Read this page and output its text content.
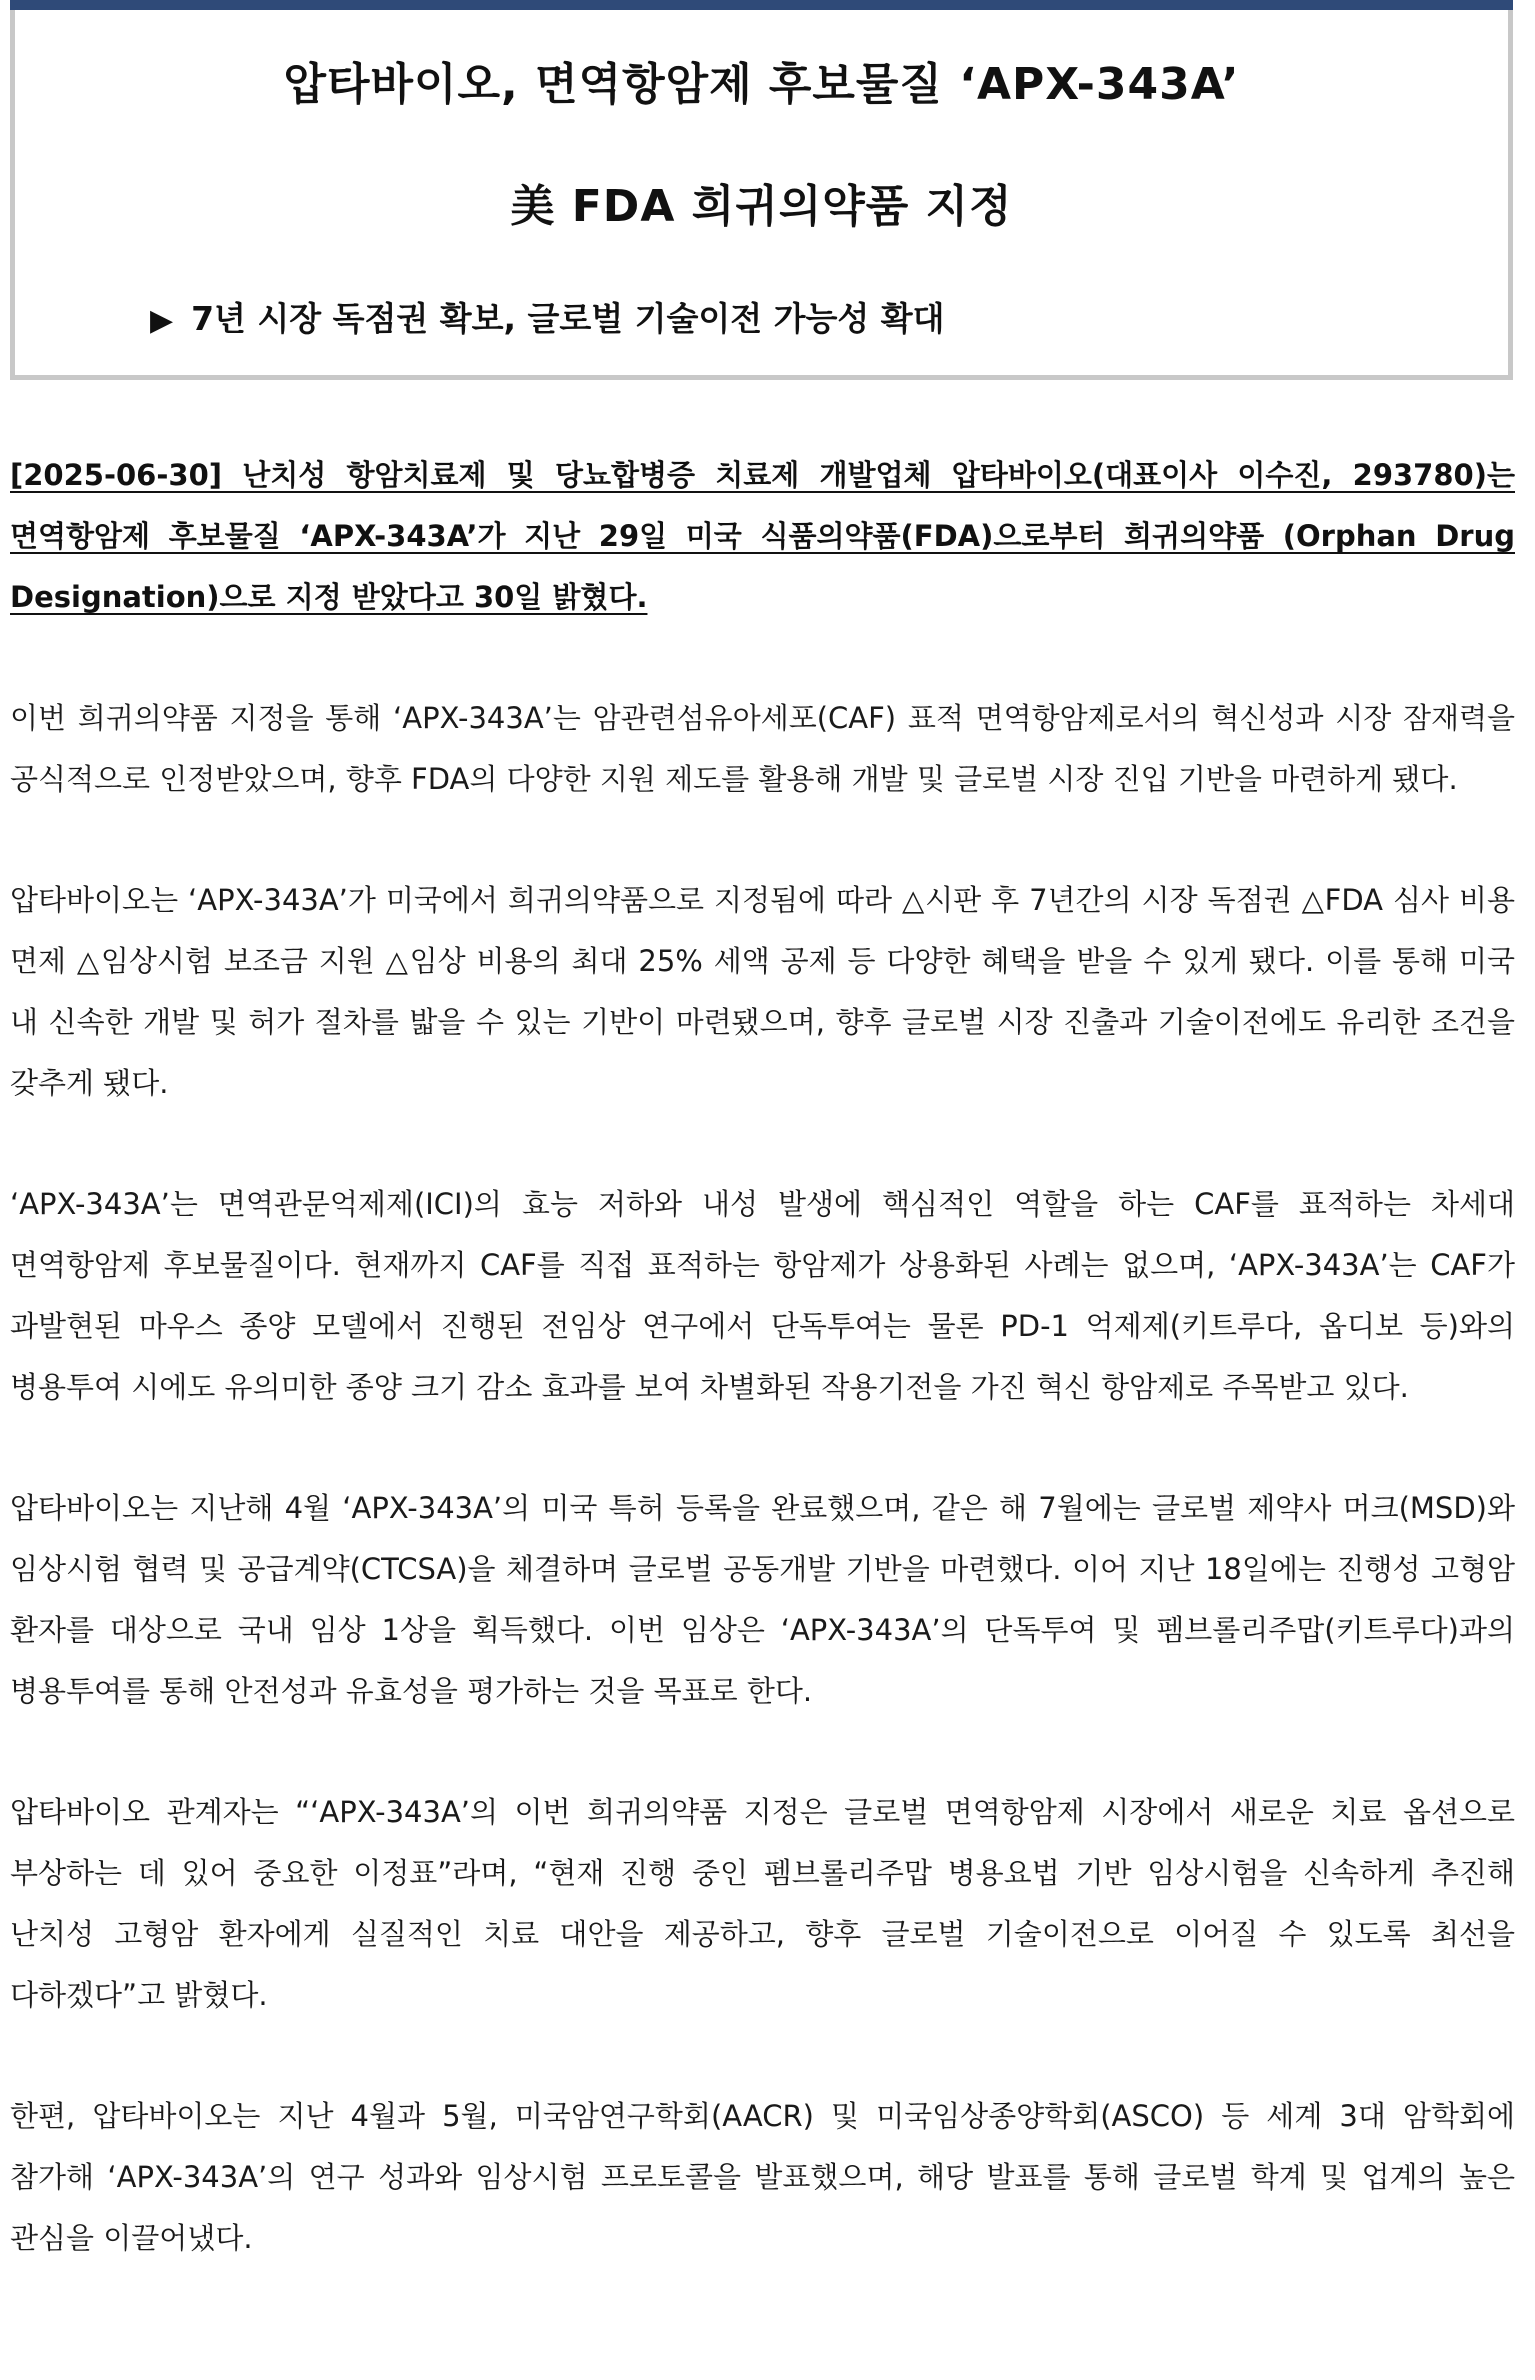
압타바이오, 면역항암제 후보물질 ‘APX-343A’
美 FDA 희귀의약품 지정
▶ 7년 시장 독점권 확보, 글로벌 기술이전 가능성 확대

[2025-06-30] 난치성 항암치료제 및 당뇨합병증 치료제 개발업체 압타바이오(대표이사 이수진, 293780)는 면역항암제 후보물질 ‘APX-343A’가 지난 29일 미국 식품의약품(FDA)으로부터 희귀의약품 (Orphan Drug Designation)으로 지정 받았다고 30일 밝혔다.

이번 희귀의약품 지정을 통해 ‘APX-343A’는 암관련섬유아세포(CAF) 표적 면역항암제로서의 혁신성과 시장 잠재력을 공식적으로 인정받았으며, 향후 FDA의 다양한 지원 제도를 활용해 개발 및 글로벌 시장 진입 기반을 마련하게 됐다.

압타바이오는 ‘APX-343A’가 미국에서 희귀의약품으로 지정됨에 따라 △시판 후 7년간의 시장 독점권 △FDA 심사 비용 면제 △임상시험 보조금 지원 △임상 비용의 최대 25% 세액 공제 등 다양한 혜택을 받을 수 있게 됐다. 이를 통해 미국 내 신속한 개발 및 허가 절차를 밟을 수 있는 기반이 마련됐으며, 향후 글로벌 시장 진출과 기술이전에도 유리한 조건을 갖추게 됐다.

‘APX-343A’는 면역관문억제제(ICI)의 효능 저하와 내성 발생에 핵심적인 역할을 하는 CAF를 표적하는 차세대 면역항암제 후보물질이다. 현재까지 CAF를 직접 표적하는 항암제가 상용화된 사례는 없으며, ‘APX-343A’는 CAF가 과발현된 마우스 종양 모델에서 진행된 전임상 연구에서 단독투여는 물론 PD-1 억제제(키트루다, 옵디보 등)와의 병용투여 시에도 유의미한 종양 크기 감소 효과를 보여 차별화된 작용기전을 가진 혁신 항암제로 주목받고 있다.

압타바이오는 지난해 4월 ‘APX-343A’의 미국 특허 등록을 완료했으며, 같은 해 7월에는 글로벌 제약사 머크(MSD)와 임상시험 협력 및 공급계약(CTCSA)을 체결하며 글로벌 공동개발 기반을 마련했다. 이어 지난 18일에는 진행성 고형암 환자를 대상으로 국내 임상 1상을 획득했다. 이번 임상은 ‘APX-343A’의 단독투여 및 펨브롤리주맙(키트루다)과의 병용투여를 통해 안전성과 유효성을 평가하는 것을 목표로 한다.

압타바이오 관계자는 “‘APX-343A’의 이번 희귀의약품 지정은 글로벌 면역항암제 시장에서 새로운 치료 옵션으로 부상하는 데 있어 중요한 이정표”라며, “현재 진행 중인 펨브롤리주맙 병용요법 기반 임상시험을 신속하게 추진해 난치성 고형암 환자에게 실질적인 치료 대안을 제공하고, 향후 글로벌 기술이전으로 이어질 수 있도록 최선을 다하겠다”고 밝혔다.

한편, 압타바이오는 지난 4월과 5월, 미국암연구학회(AACR) 및 미국임상종양학회(ASCO) 등 세계 3대 암학회에 참가해 ‘APX-343A’의 연구 성과와 임상시험 프로토콜을 발표했으며, 해당 발표를 통해 글로벌 학계 및 업계의 높은 관심을 이끌어냈다.
